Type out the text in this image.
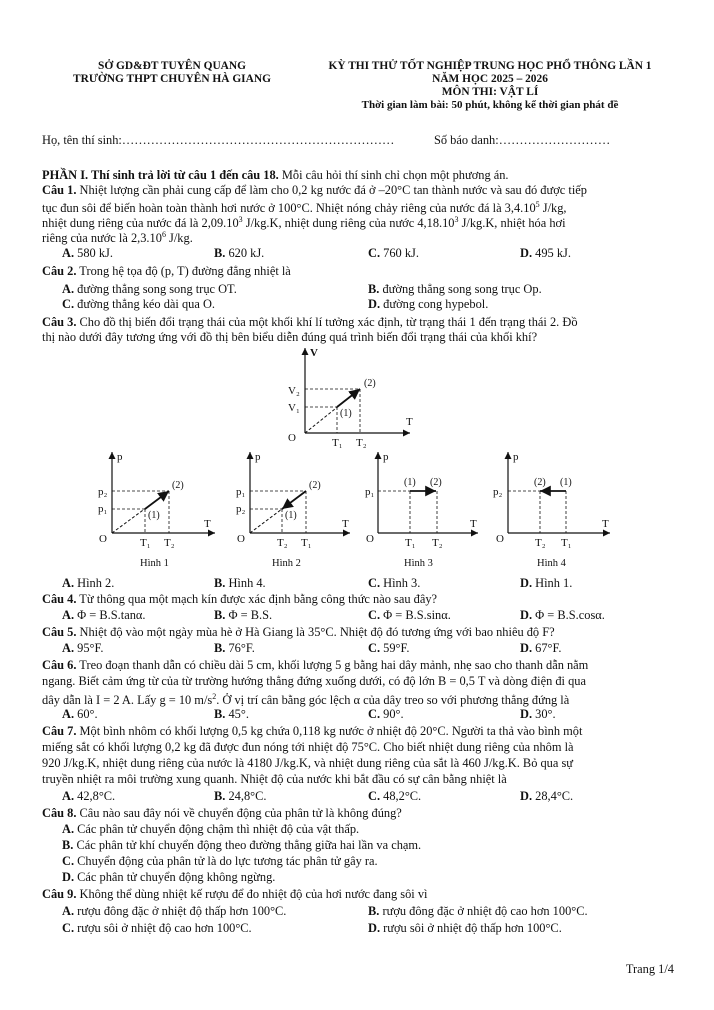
SỞ GD&ĐT TUYÊN QUANG
TRƯỜNG THPT CHUYÊN HÀ GIANG
KỲ THI THỬ TỐT NGHIỆP TRUNG HỌC PHỔ THÔNG LẦN 1
NĂM HỌC 2025 – 2026
MÔN THI: VẬT LÍ
Thời gian làm bài: 50 phút, không kể thời gian phát đề
Họ, tên thí sinh:…………………………………………………………	Số báo danh:………………………
PHẦN I. Thí sinh trả lời từ câu 1 đến câu 18. Mỗi câu hỏi thí sinh chỉ chọn một phương án.
Câu 1. Nhiệt lượng cần phải cung cấp để làm cho 0,2 kg nước đá ở –20°C tan thành nước và sau đó được tiếp
tục đun sôi để biến hoàn toàn thành hơi nước ở 100°C. Nhiệt nóng chảy riêng của nước đá là 3,4.10$^5$ J/kg,
nhiệt dung riêng của nước đá là 2,09.10$^3$ J/kg.K, nhiệt dung riêng của nước 4,18.10$^3$ J/kg.K, nhiệt hóa hơi
riêng của nước là 2,3.10$^6$ J/kg.
A. 580 kJ.	B. 620 kJ.	C. 760 kJ.	D. 495 kJ.
Câu 2. Trong hệ tọa độ (p, T) đường đẳng nhiệt là
A. đường thẳng song song trục OT.	B. đường thẳng song song trục Op.
C. đường thẳng kéo dài qua O.	D. đường cong hypebol.
Câu 3. Cho đồ thị biến đổi trạng thái của một khối khí lí tưởng xác định, từ trạng thái 1 đến trạng thái 2. Đồ
thị nào dưới đây tương ứng với đồ thị bên biểu diễn đúng quá trình biến đổi trạng thái của khối khí?
V
T
O
V₂
V₁
T₁ T₂
(1)
(2)
p
T
O
p₂
p₁
T₁ T₂
(1)
(2)
p
T
O
p₁
p₂
T₂ T₁
(1)
(2)
p
T
O
p₁
T₁ T₂
(1) (2)
p
T
O
p₂
T₂ T₁
(2) (1)
Hình 1	Hình 2	Hình 3	Hình 4
A. Hình 2.	B. Hình 4.	C. Hình 3.	D. Hình 1.
Câu 4. Từ thông qua một mạch kín được xác định bằng công thức nào sau đây?
A. Φ = B.S.tanα.	B. Φ = B.S.	C. Φ = B.S.sinα.	D. Φ = B.S.cosα.
Câu 5. Nhiệt độ vào một ngày mùa hè ở Hà Giang là 35°C. Nhiệt độ đó tương ứng với bao nhiêu độ F?
A. 95°F.	B. 76°F.	C. 59°F.	D. 67°F.
Câu 6. Treo đoạn thanh dẫn có chiều dài 5 cm, khối lượng 5 g bằng hai dây mảnh, nhẹ sao cho thanh dẫn nằm
ngang. Biết cảm ứng từ của từ trường hướng thẳng đứng xuống dưới, có độ lớn B = 0,5 T và dòng điện đi qua
dây dẫn là I = 2 A. Lấy g = 10 $m/s^2$. Ở vị trí cân bằng góc lệch α của dây treo so với phương thẳng đứng là
A. 60°.	B. 45°.	C. 90°.	D. 30°.
Câu 7. Một bình nhôm có khối lượng 0,5 kg chứa 0,118 kg nước ở nhiệt độ 20°C. Người ta thả vào bình một
miếng sắt có khối lượng 0,2 kg đã được đun nóng tới nhiệt độ 75°C. Cho biết nhiệt dung riêng của nhôm là
920 J/kg.K, nhiệt dung riêng của nước là 4180 J/kg.K, và nhiệt dung riêng của sắt là 460 J/kg.K. Bỏ qua sự
truyền nhiệt ra môi trường xung quanh. Nhiệt độ của nước khi bắt đầu có sự cân bằng nhiệt là
A. 42,8°C.	B. 24,8°C.	C. 48,2°C.	D. 28,4°C.
Câu 8. Câu nào sau đây nói về chuyển động của phân tử là không đúng?
A. Các phân tử chuyển động chậm thì nhiệt độ của vật thấp.
B. Các phân tử khí chuyển động theo đường thẳng giữa hai lần va chạm.
C. Chuyển động của phân tử là do lực tương tác phân tử gây ra.
D. Các phân tử chuyển động không ngừng.
Câu 9. Không thể dùng nhiệt kế rượu để đo nhiệt độ của hơi nước đang sôi vì
A. rượu đông đặc ở nhiệt độ thấp hơn 100°C.	B. rượu đông đặc ở nhiệt độ cao hơn 100°C.
C. rượu sôi ở nhiệt độ cao hơn 100°C.	D. rượu sôi ở nhiệt độ thấp hơn 100°C.
Trang 1/4
